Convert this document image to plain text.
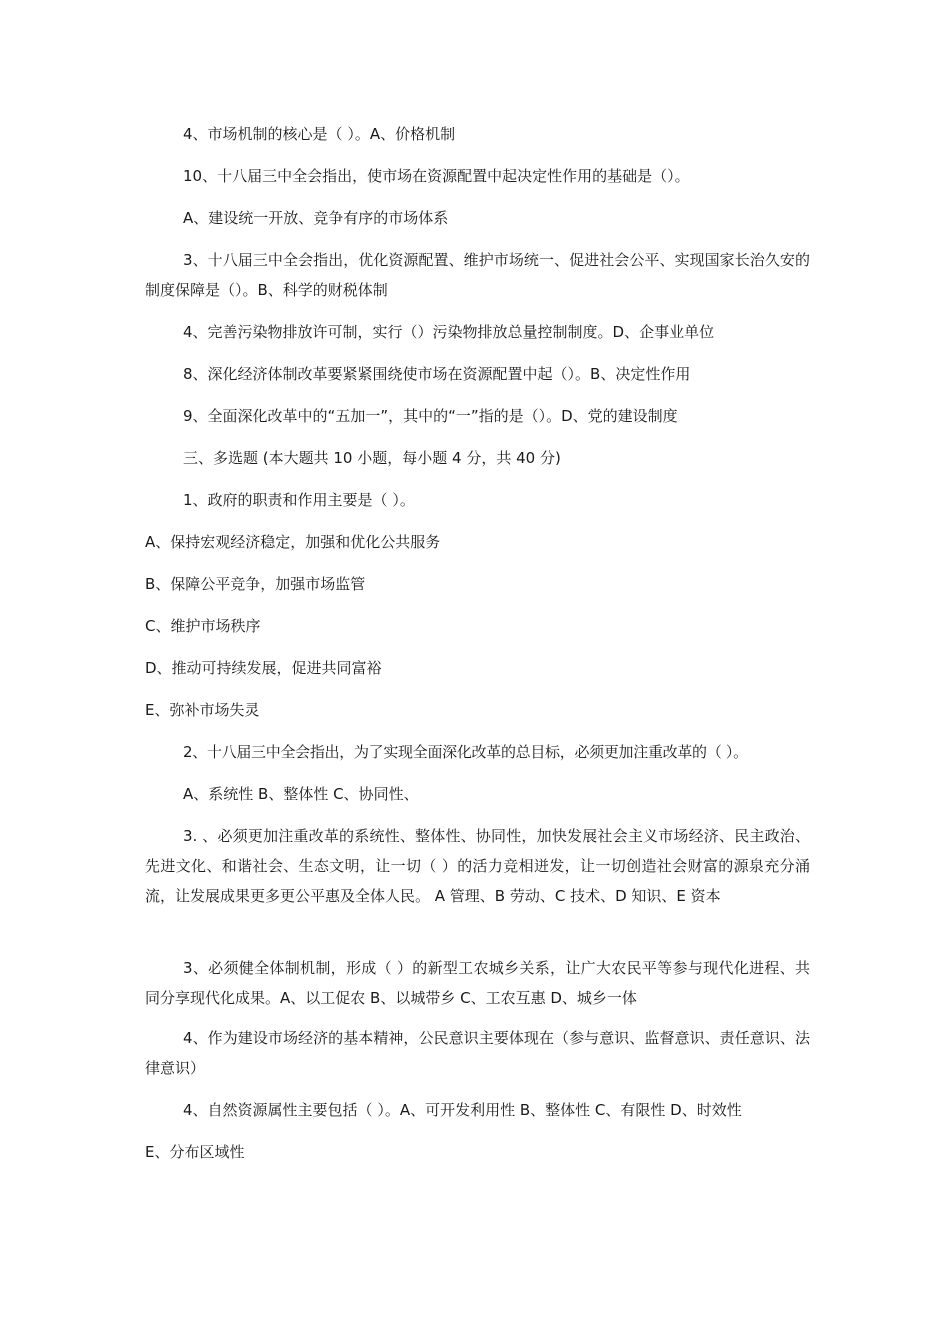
4、市场机制的核心是（ ）。A、价格机制

10、十八届三中全会指出，使市场在资源配置中起决定性作用的基础是（）。

A、建设统一开放、竞争有序的市场体系

3、十八届三中全会指出，优化资源配置、维护市场统一、促进社会公平、实现国家长治久安的制度保障是（）。B、科学的财税体制

4、完善污染物排放许可制，实行（）污染物排放总量控制制度。D、企事业单位

8、深化经济体制改革要紧紧围绕使市场在资源配置中起（）。B、决定性作用

9、全面深化改革中的“五加一”，其中的“一”指的是（）。D、党的建设制度

三、多选题 (本大题共 10 小题，每小题 4 分，共 40 分)

1、政府的职责和作用主要是（ ）。

A、保持宏观经济稳定，加强和优化公共服务

B、保障公平竞争，加强市场监管

C、维护市场秩序

D、推动可持续发展，促进共同富裕

E、弥补市场失灵

2、十八届三中全会指出，为了实现全面深化改革的总目标，必须更加注重改革的（ ）。

A、系统性 B、整体性 C、协同性、

3. 、必须更加注重改革的系统性、整体性、协同性，加快发展社会主义市场经济、民主政治、先进文化、和谐社会、生态文明，让一切（ ）的活力竞相迸发，让一切创造社会财富的源泉充分涌流，让发展成果更多更公平惠及全体人民。 A 管理、B 劳动、C 技术、D 知识、E 资本

3、必须健全体制机制，形成（ ）的新型工农城乡关系，让广大农民平等参与现代化进程、共同分享现代化成果。A、以工促农 B、以城带乡 C、工农互惠 D、城乡一体

4、作为建设市场经济的基本精神，公民意识主要体现在（参与意识、监督意识、责任意识、法律意识）

4、自然资源属性主要包括（ ）。A、可开发利用性 B、整体性 C、有限性 D、时效性

E、分布区域性
